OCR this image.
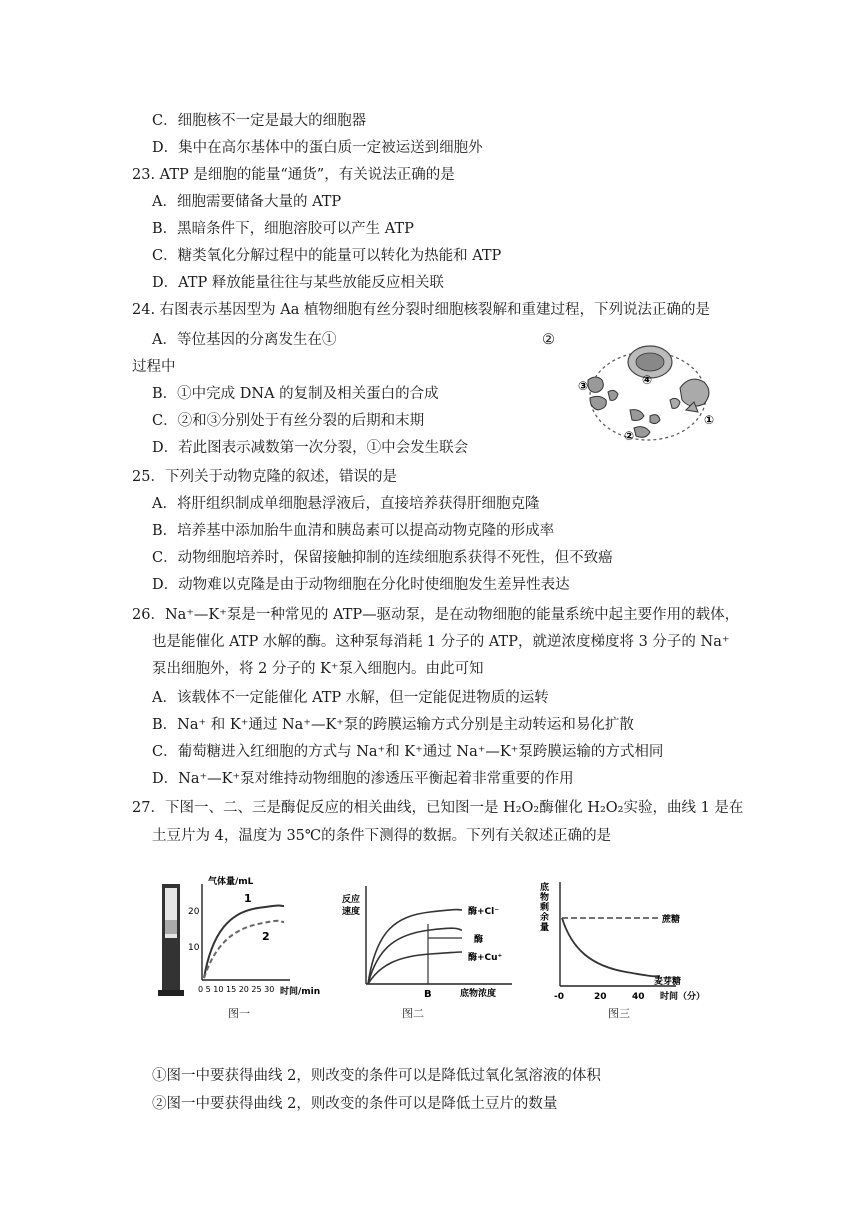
C．细胞核不一定是最大的细胞器
D．集中在高尔基体中的蛋白质一定被运送到细胞外
23. ATP 是细胞的能量“通货”，有关说法正确的是
A．细胞需要储备大量的 ATP
B．黑暗条件下，细胞溶胶可以产生 ATP
C．糖类氧化分解过程中的能量可以转化为热能和 ATP
D．ATP 释放能量往往与某些放能反应相关联
24. 右图表示基因型为 Aa 植物细胞有丝分裂时细胞核裂解和重建过程，下列说法正确的是
A．等位基因的分离发生在①	②
过程中
B．①中完成 DNA 的复制及相关蛋白的合成
C．②和③分别处于有丝分裂的后期和末期
D．若此图表示减数第一次分裂，①中会发生联会
25．下列关于动物克隆的叙述，错误的是
A．将肝组织制成单细胞悬浮液后，直接培养获得肝细胞克隆
B．培养基中添加胎牛血清和胰岛素可以提高动物克隆的形成率
C．动物细胞培养时，保留接触抑制的连续细胞系获得不死性，但不致癌
D．动物难以克隆是由于动物细胞在分化时使细胞发生差异性表达
26．Na⁺—K⁺泵是一种常见的 ATP—驱动泵，是在动物细胞的能量系统中起主要作用的载体，
也是能催化 ATP 水解的酶。这种泵每消耗 1 分子的 ATP，就逆浓度梯度将 3 分子的 Na⁺
泵出细胞外，将 2 分子的 K⁺泵入细胞内。由此可知
A．该载体不一定能催化 ATP 水解，但一定能促进物质的运转
B．Na⁺ 和 K⁺通过 Na⁺—K⁺泵的跨膜运输方式分别是主动转运和易化扩散
C．葡萄糖进入红细胞的方式与 Na⁺和 K⁺通过 Na⁺—K⁺泵跨膜运输的方式相同
D．Na⁺—K⁺泵对维持动物细胞的渗透压平衡起着非常重要的作用
27．下图一、二、三是酶促反应的相关曲线，已知图一是 H₂O₂酶催化 H₂O₂实验，曲线 1 是在
土豆片为 4，温度为 35℃的条件下测得的数据。下列有关叙述正确的是
①图一中要获得曲线 2，则改变的条件可以是降低过氧化氢溶液的体积
②图一中要获得曲线 2，则改变的条件可以是降低土豆片的数量
③	④
②
①
20
10
气体量/mL
1
2
0 5 10 15 20 25 30 时间/min
图一
反应
速度	酶+Cl⁻
酶
酶+Cu⁺
B	底物浓度
图二
底
物
剩
余
量
蔗糖
麦芽糖
-0	20	40 时间（分）
图三
